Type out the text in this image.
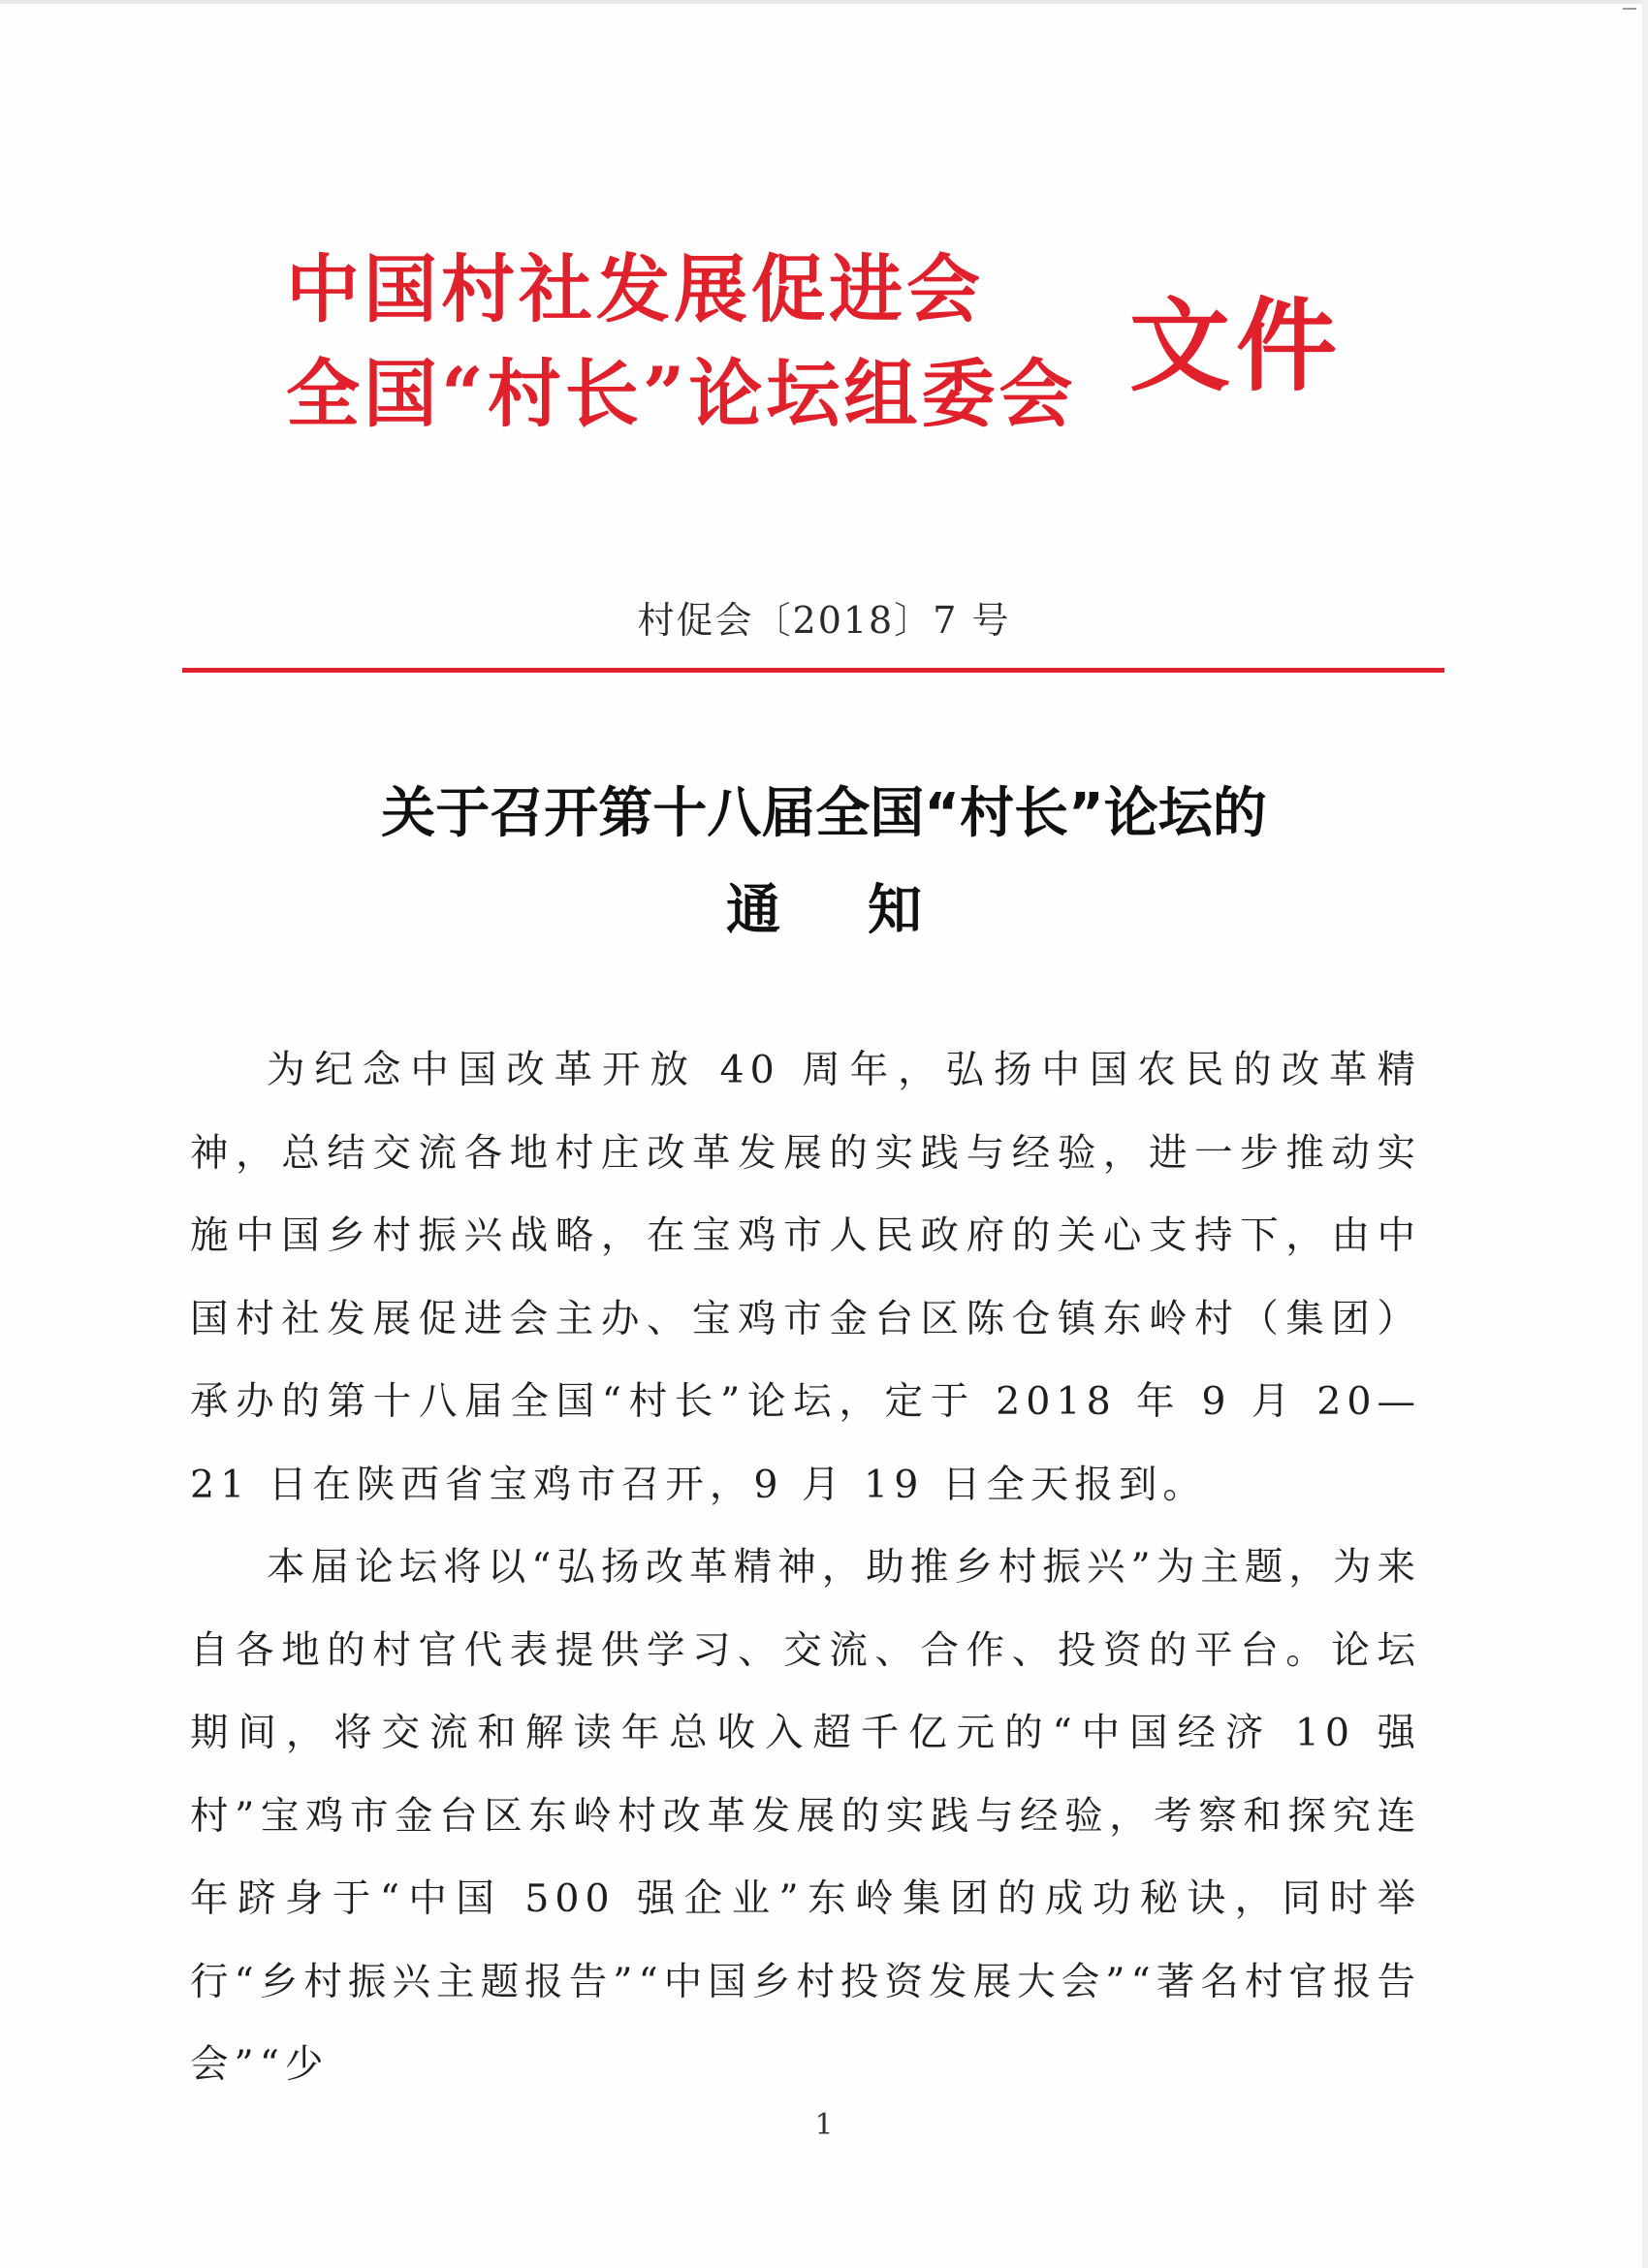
中国村社发展促进会
全国“村长”论坛组委会 文件
村促会〔2018〕7 号
关于召开第十八届全国“村长”论坛的
通知

为纪念中国改革开放 40 周年，弘扬中国农民的改革精神，总结交流各地村庄改革发展的实践与经验，进一步推动实施中国乡村振兴战略，在宝鸡市人民政府的关心支持下，由中国村社发展促进会主办、宝鸡市金台区陈仓镇东岭村（集团）承办的第十八届全国“村长”论坛，定于 2018 年 9 月 20—21 日在陕西省宝鸡市召开，9 月 19 日全天报到。

本届论坛将以“弘扬改革精神，助推乡村振兴”为主题，为来自各地的村官代表提供学习、交流、合作、投资的平台。论坛期间，将交流和解读年总收入超千亿元的“中国经济 10 强村”宝鸡市金台区东岭村改革发展的实践与经验，考察和探究连年跻身于“中国 500 强企业”东岭集团的成功秘诀，同时举行“乡村振兴主题报告”“中国乡村投资发展大会”“著名村官报告会”“少

1
